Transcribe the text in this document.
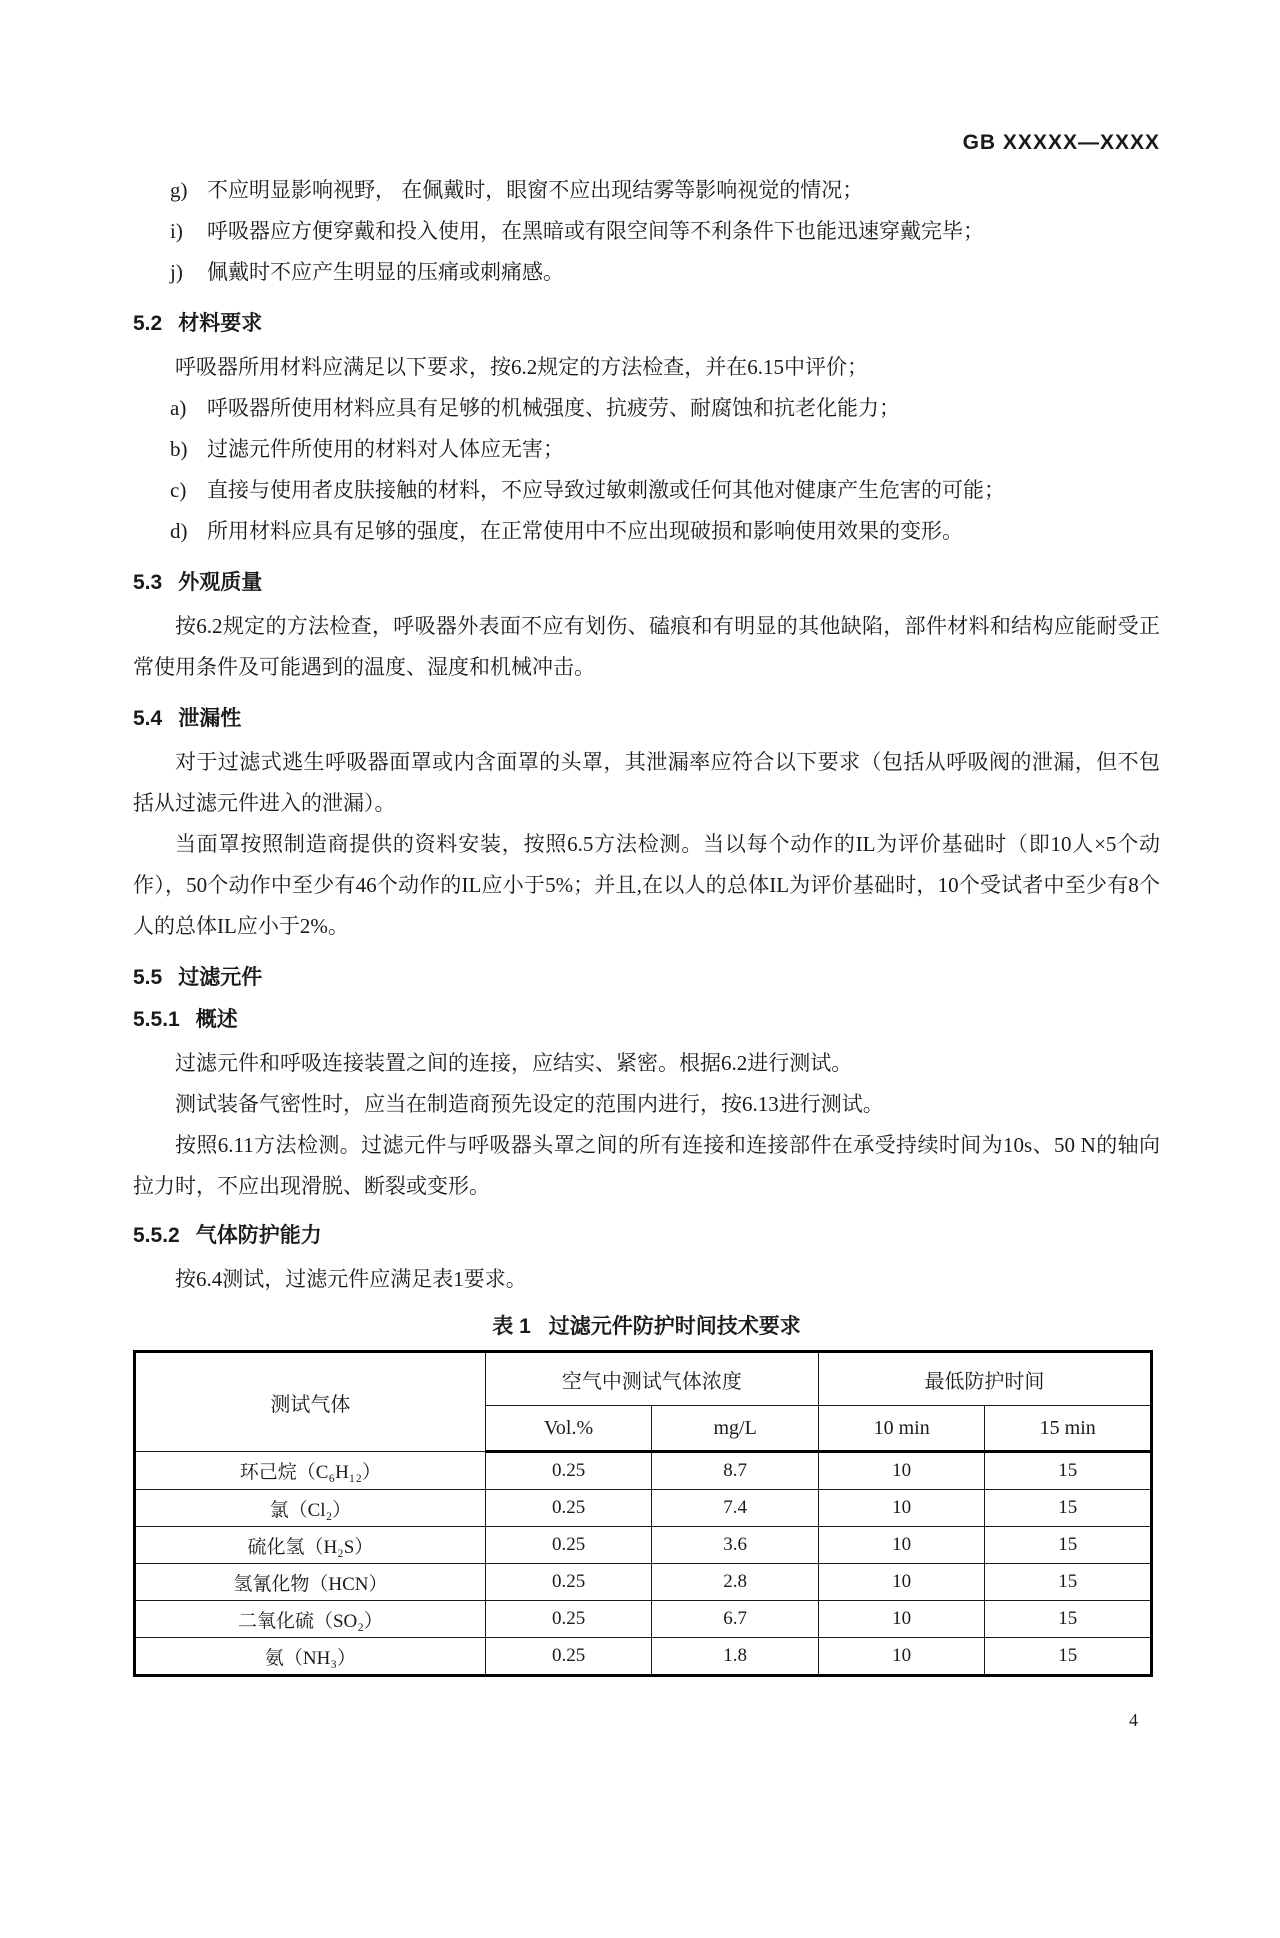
GB XXXXX—XXXX
g) 不应明显影响视野， 在佩戴时，眼窗不应出现结雾等影响视觉的情况；
i) 呼吸器应方便穿戴和投入使用，在黑暗或有限空间等不利条件下也能迅速穿戴完毕；
j) 佩戴时不应产生明显的压痛或刺痛感。
5.2 材料要求
呼吸器所用材料应满足以下要求，按6.2规定的方法检查，并在6.15中评价；
a) 呼吸器所使用材料应具有足够的机械强度、抗疲劳、耐腐蚀和抗老化能力；
b) 过滤元件所使用的材料对人体应无害；
c) 直接与使用者皮肤接触的材料，不应导致过敏刺激或任何其他对健康产生危害的可能；
d) 所用材料应具有足够的强度，在正常使用中不应出现破损和影响使用效果的变形。
5.3 外观质量
按6.2规定的方法检查，呼吸器外表面不应有划伤、磕痕和有明显的其他缺陷，部件材料和结构应能耐受正常使用条件及可能遇到的温度、湿度和机械冲击。
5.4 泄漏性
对于过滤式逃生呼吸器面罩或内含面罩的头罩，其泄漏率应符合以下要求（包括从呼吸阀的泄漏，但不包括从过滤元件进入的泄漏）。
当面罩按照制造商提供的资料安装，按照6.5方法检测。当以每个动作的IL为评价基础时（即10人×5个动作），50个动作中至少有46个动作的IL应小于5%；并且,在以人的总体IL为评价基础时，10个受试者中至少有8个人的总体IL应小于2%。
5.5 过滤元件
5.5.1 概述
过滤元件和呼吸连接装置之间的连接，应结实、紧密。根据6.2进行测试。
测试装备气密性时，应当在制造商预先设定的范围内进行，按6.13进行测试。
按照6.11方法检测。过滤元件与呼吸器头罩之间的所有连接和连接部件在承受持续时间为10s、50 N的轴向拉力时，不应出现滑脱、断裂或变形。
5.5.2 气体防护能力
按6.4测试，过滤元件应满足表1要求。
表 1 过滤元件防护时间技术要求
测试气体	空气中测试气体浓度		最低防护时间	
	Vol.%	mg/L	10 min	15 min
环己烷（C₆H₁₂）	0.25	8.7	10	15
氯（Cl₂）	0.25	7.4	10	15
硫化氢（H₂S）	0.25	3.6	10	15
氢氰化物（HCN）	0.25	2.8	10	15
二氧化硫（SO₂）	0.25	6.7	10	15
氨（NH₃）	0.25	1.8	10	15
4
